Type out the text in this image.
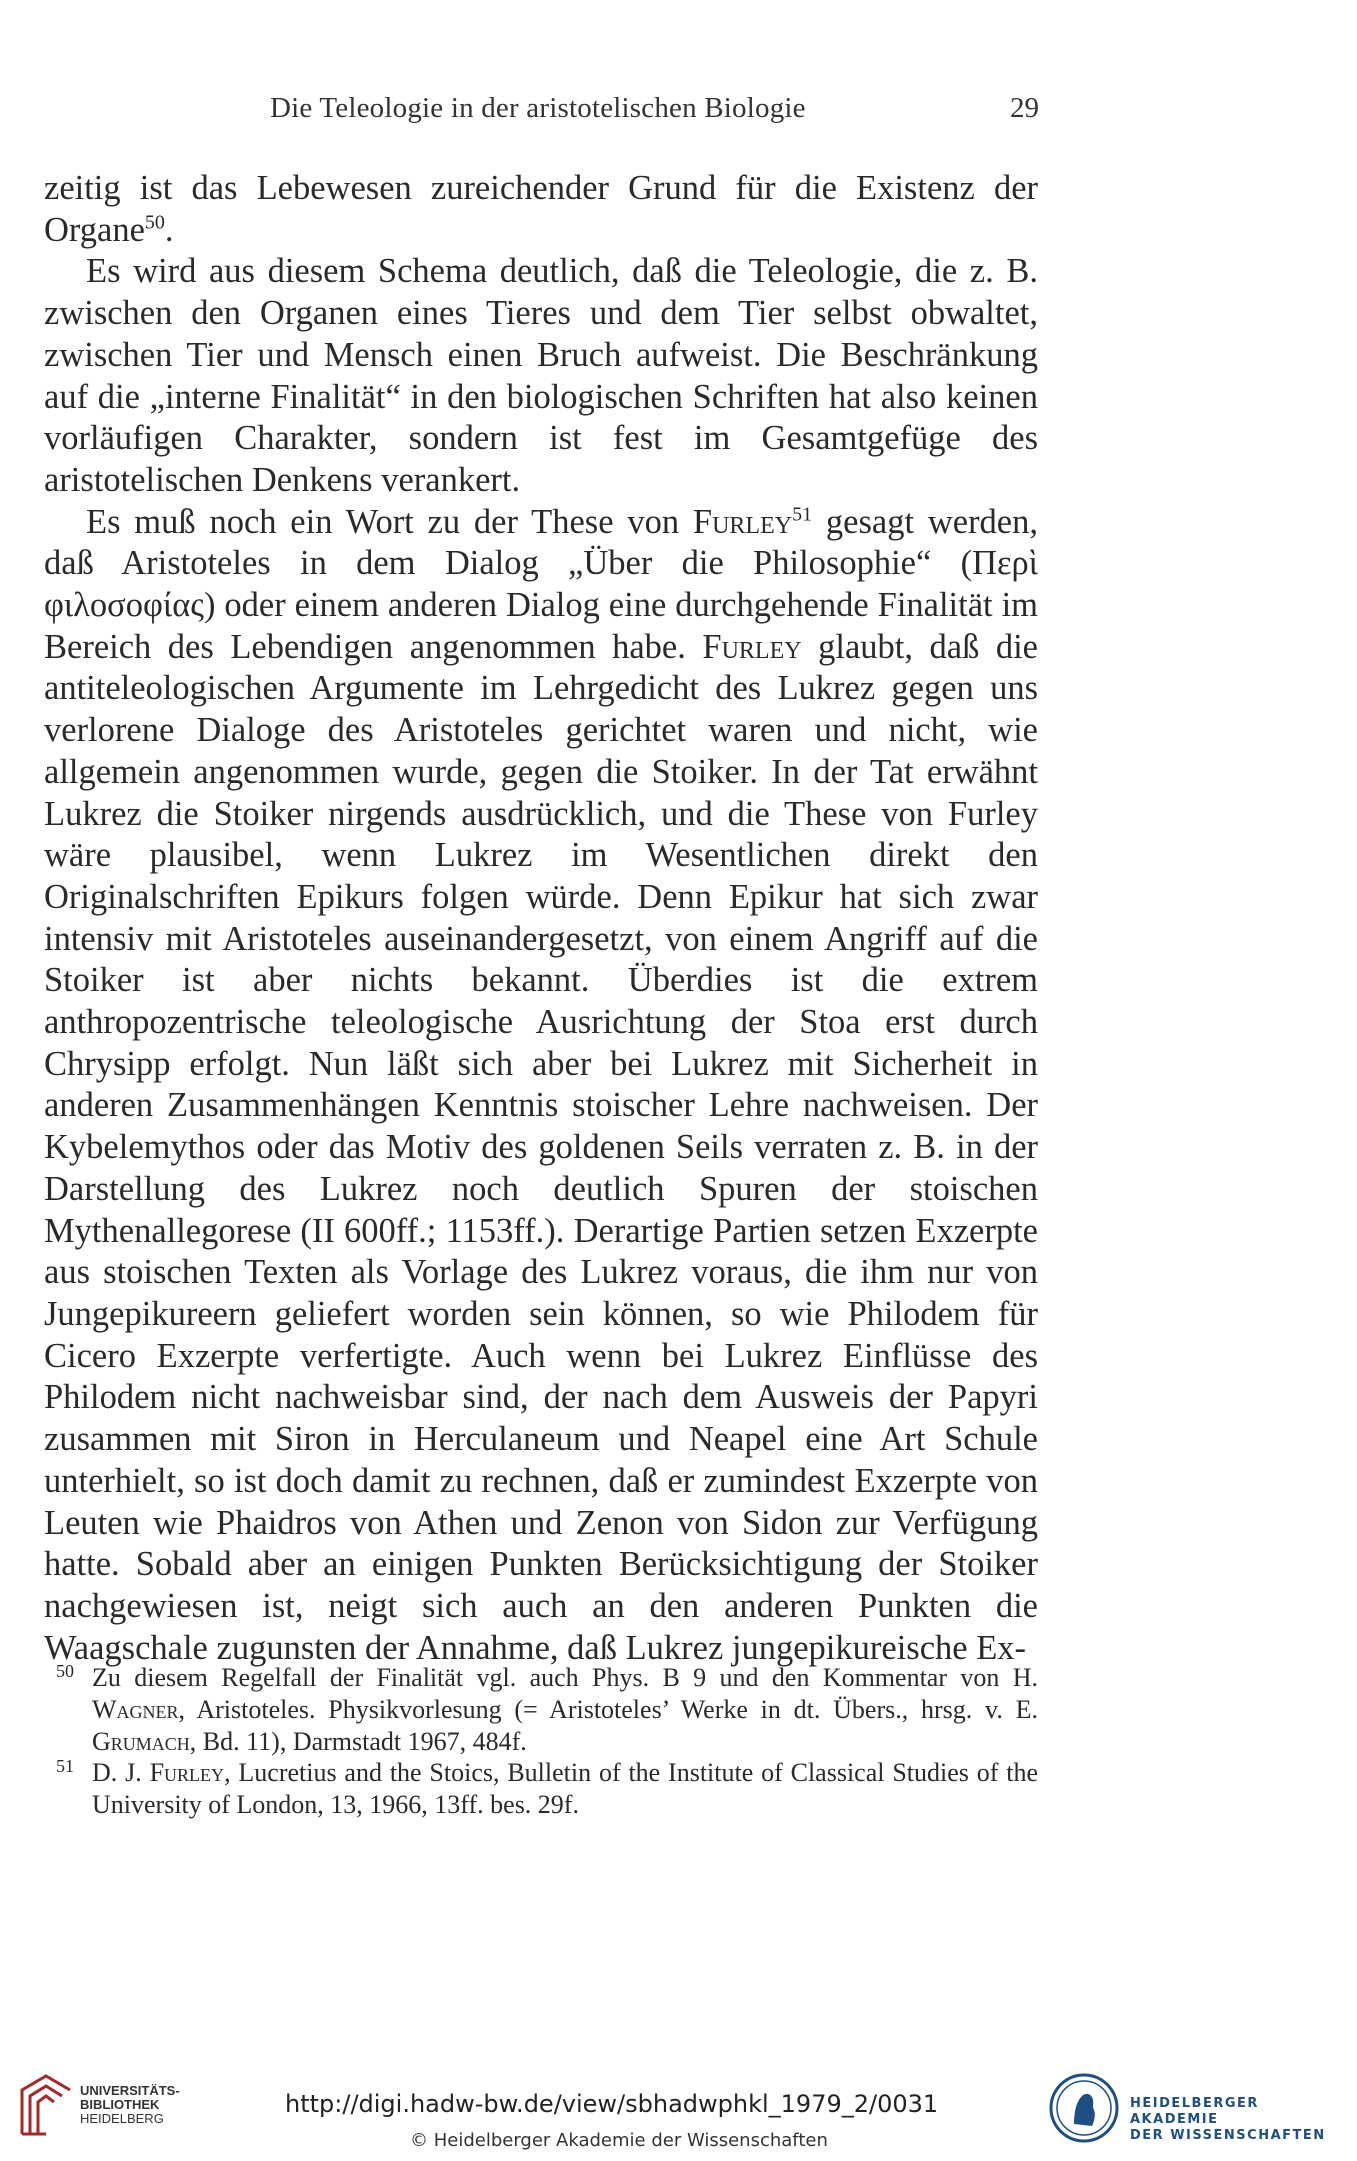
Die Teleologie in der aristotelischen Biologie	29

zeitig ist das Lebewesen zureichender Grund für die Existenz der Organe$^{50}$.

Es wird aus diesem Schema deutlich, daß die Teleologie, die z. B. zwischen den Organen eines Tieres und dem Tier selbst obwaltet, zwischen Tier und Mensch einen Bruch aufweist. Die Beschränkung auf die „interne Finalität“ in den biologischen Schriften hat also keinen vorläufigen Charakter, sondern ist fest im Gesamtgefüge des aristotelischen Denkens verankert.

Es muß noch ein Wort zu der These von Furley$^{51}$ gesagt werden, daß Aristoteles in dem Dialog „Über die Philosophie“ (Περὶ φιλοσοφίας) oder einem anderen Dialog eine durchgehende Finalität im Bereich des Lebendigen angenommen habe. Furley glaubt, daß die antiteleologischen Argumente im Lehrgedicht des Lukrez gegen uns verlorene Dialoge des Aristoteles gerichtet waren und nicht, wie allgemein angenommen wurde, gegen die Stoiker. In der Tat erwähnt Lukrez die Stoiker nirgends ausdrücklich, und die These von Furley wäre plausibel, wenn Lukrez im Wesentlichen direkt den Originalschriften Epikurs folgen würde. Denn Epikur hat sich zwar intensiv mit Aristoteles auseinandergesetzt, von einem Angriff auf die Stoiker ist aber nichts bekannt. Überdies ist die extrem anthropozentrische teleologische Ausrichtung der Stoa erst durch Chrysipp erfolgt. Nun läßt sich aber bei Lukrez mit Sicherheit in anderen Zusammenhängen Kenntnis stoischer Lehre nachweisen. Der Kybelemythos oder das Motiv des goldenen Seils verraten z. B. in der Darstellung des Lukrez noch deutlich Spuren der stoischen Mythenallegorese (II 600ff.; 1153ff.). Derartige Partien setzen Exzerpte aus stoischen Texten als Vorlage des Lukrez voraus, die ihm nur von Jungepikureern geliefert worden sein können, so wie Philodem für Cicero Exzerpte verfertigte. Auch wenn bei Lukrez Einflüsse des Philodem nicht nachweisbar sind, der nach dem Ausweis der Papyri zusammen mit Siron in Herculaneum und Neapel eine Art Schule unterhielt, so ist doch damit zu rechnen, daß er zumindest Exzerpte von Leuten wie Phaidros von Athen und Zenon von Sidon zur Verfügung hatte. Sobald aber an einigen Punkten Berücksichtigung der Stoiker nachgewiesen ist, neigt sich auch an den anderen Punkten die Waagschale zugunsten der Annahme, daß Lukrez jungepikureische Ex-

50 Zu diesem Regelfall der Finalität vgl. auch Phys. B 9 und den Kommentar von H. Wagner, Aristoteles. Physikvorlesung (= Aristoteles’ Werke in dt. Übers., hrsg. v. E. Grumach, Bd. 11), Darmstadt 1967, 484f.

51 D. J. Furley, Lucretius and the Stoics, Bulletin of the Institute of Classical Studies of the University of London, 13, 1966, 13ff. bes. 29f.

UNIVERSITÄTS-
BIBLIOTHEK
HEIDELBERG
http://digi.hadw-bw.de/view/sbhadwphkl_1979_2/0031
© Heidelberger Akademie der Wissenschaften
HEIDELBERGER AKADEMIE
DER WISSENSCHAFTEN
